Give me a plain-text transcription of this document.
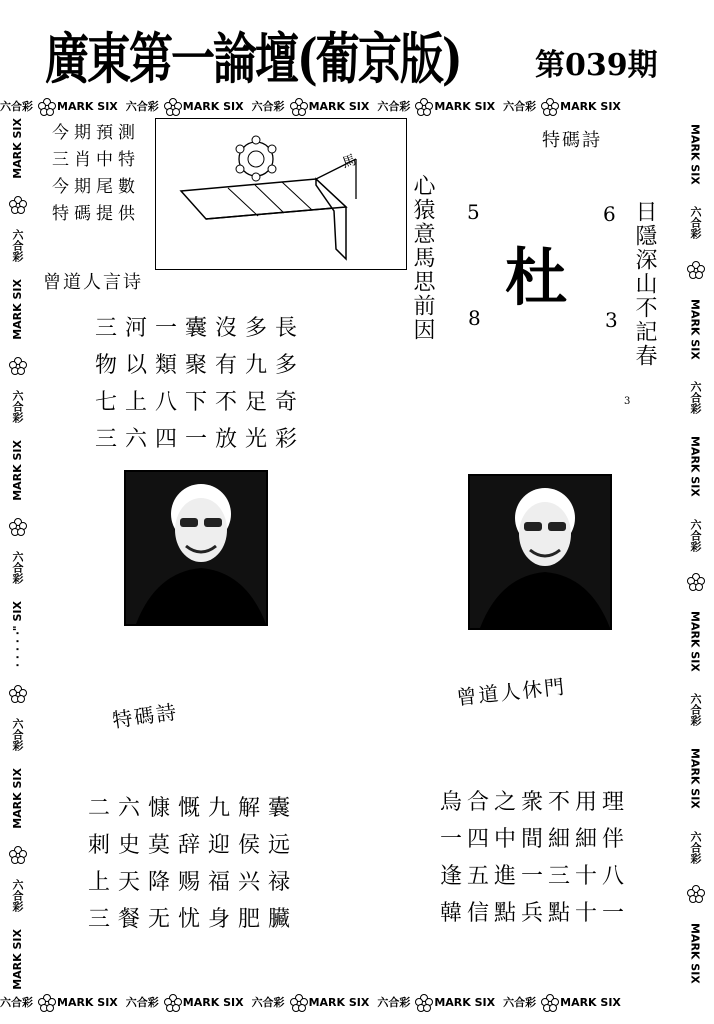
廣東第一論壇(葡京版) 第039期
六合彩 MARK SIX 六合彩 MARK SIX 六合彩 MARK SIX 六合彩 MARK SIX 六合彩 MARK SIX
六合彩 MARK SIX 六合彩 MARK SIX 六合彩 MARK SIX 六合彩 MARK SIX 六合彩 MARK SIX
MARK SIX
六合彩
MARK SIX
六合彩
MARK SIX
六合彩
· · · · ·" SIX
六合彩
MARK SIX
六合彩
MARK SIX
MARK SIX
六合彩
MARK SIX
六合彩
MARK SIX
六合彩
MARK SIX
六合彩
MARK SIX
六合彩
MARK SIX
今期預測
三肖中特
今期尾數
特碼提供
馬
特碼詩
心猿意馬思前因	日隱深山不記春
杜
5	6
8	3
3
曾道人言诗
三河一囊沒多長
物以類聚有九多
七上八下不足奇
三六四一放光彩
特碼詩
曾道人休門
二六慷慨九解囊
刺史莫辞迎侯远
上天降赐福兴禄
三餐无忧身肥臟
烏合之衆不用理
一四中間細細伴
逢五進一三十八
韓信點兵點十一
